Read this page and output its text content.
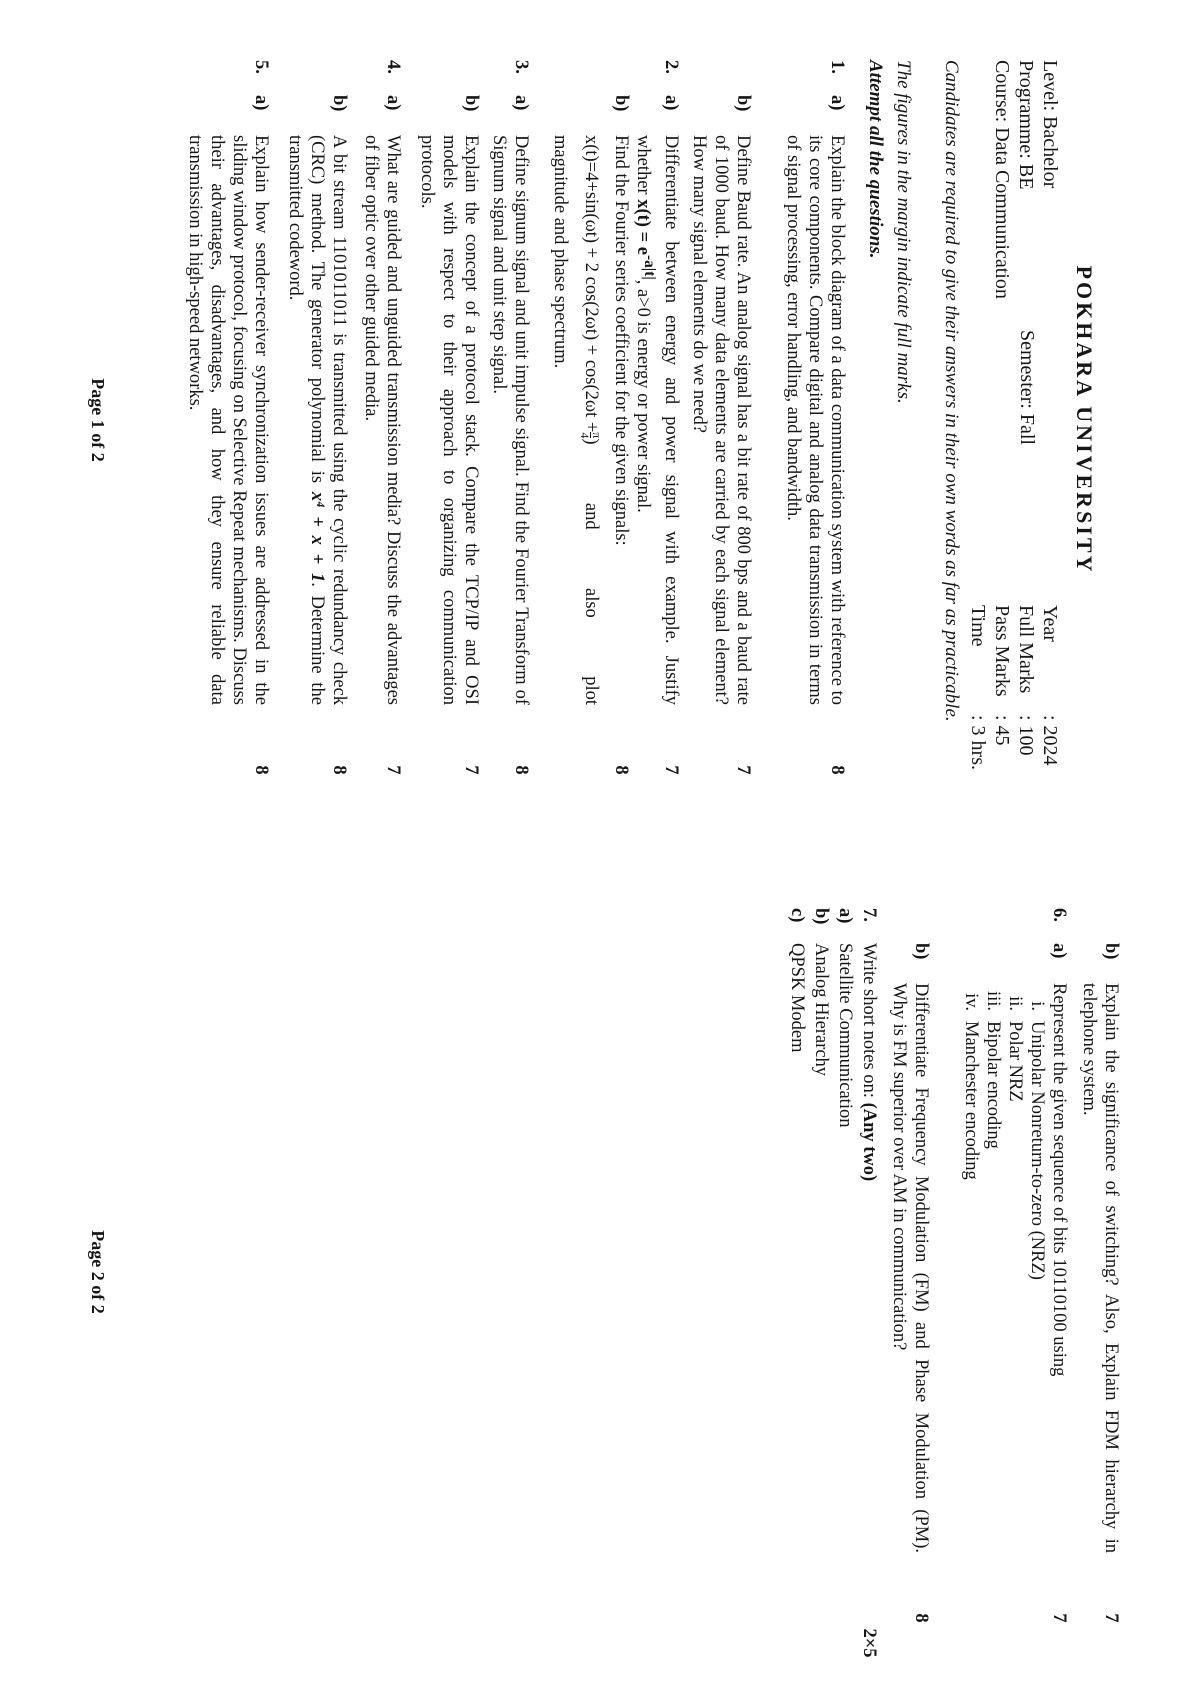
POKHARA UNIVERSITY
Level: Bachelor
Programme: BE
Course: Data Communication
Semester: Fall
Year
: 2024
Full Marks
: 100
Pass Marks
: 45
Time
: 3 hrs.
Candidates are required to give their answers in their own words as far as practicable.
The figures in the margin indicate full marks.
Attempt all the questions.
1.
a)
Explain the block diagram of a data communication system with reference to its core components. Compare digital and analog data transmission in terms of signal processing, error handling, and bandwidth.
8
b)
Define Baud rate. An analog signal has a bit rate of 800 bps and a baud rate of 1000 baud. How many data elements are carried by each signal element? How many signal elements do we need?
7
2.
a)
Differentiate between energy and power signal with example. Justify whether $x(t) = e^{-a|t|}$, a>0 is energy or power signal.
7
b)
Find the Fourier series coefficient for the given signals:
x(t)=4+sin(ωt) + 2 cos(2ωt) + cos(2ωt +
π
4
)
and
also
plot
magnitude and phase spectrum.
8
3.
a)
Define signum signal and unit impulse signal. Find the Fourier Transform of Signum signal and unit step signal.
8
b)
Explain the concept of a protocol stack. Compare the TCP/IP and OSI models with respect to their approach to organizing communication protocols.
7
4.
a)
What are guided and unguided transmission media? Discuss the advantages of fiber optic over other guided media.
7
b)
A bit stream 1101011011 is transmitted using the cyclic redundancy check (CRC) method. The generator polynomial is x⁴ + x + 1. Determine the transmitted codeword.
8
5.
a)
Explain how sender-receiver synchronization issues are addressed in the sliding window protocol, focusing on Selective Repeat mechanisms. Discuss their advantages, disadvantages, and how they ensure reliable data transmission in high-speed networks.
8
Page 1 of 2
b)
Explain the significance of switching? Also, Explain FDM hierarchy in telephone system.
7
6.
a)
Represent the given sequence of bits 10110100 using
i.Unipolar Nonreturn-to-zero (NRZ)
ii.Polar NRZ
iii.Bipolar encoding
iv.Manchester encoding
7
b)
Differentiate Frequency Modulation (FM) and Phase Modulation (PM). Why is FM superior over AM in communication?
8
7.
Write short notes on: (Any two)
2×5
a)
Satellite Communication
b)
Analog Hierarchy
c)
QPSK Modem
Page 2 of 2
